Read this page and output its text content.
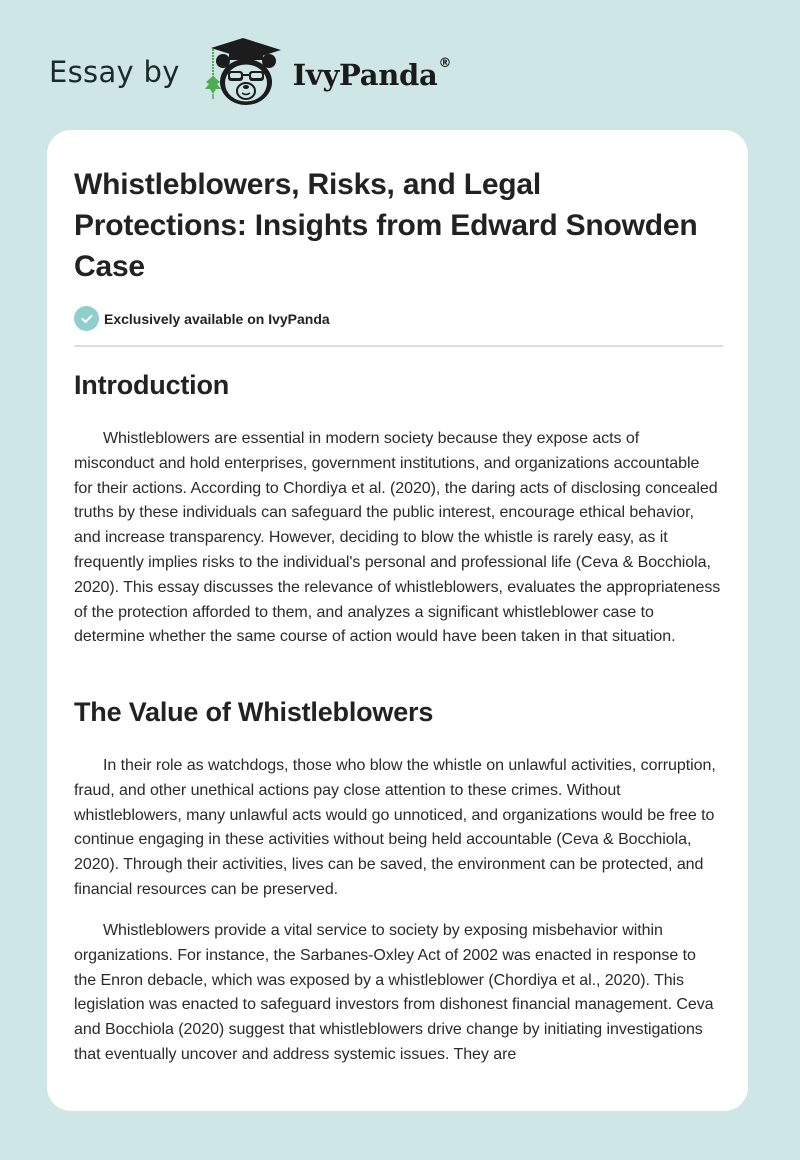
Essay by	IvyPanda®
Whistleblowers, Risks, and Legal Protections: Insights from Edward Snowden Case
Exclusively available on IvyPanda
Introduction

Whistleblowers are essential in modern society because they expose acts of misconduct and hold enterprises, government institutions, and organizations accountable for their actions. According to Chordiya et al. (2020), the daring acts of disclosing concealed truths by these individuals can safeguard the public interest, encourage ethical behavior, and increase transparency. However, deciding to blow the whistle is rarely easy, as it frequently implies risks to the individual's personal and professional life (Ceva & Bocchiola, 2020). This essay discusses the relevance of whistleblowers, evaluates the appropriateness of the protection afforded to them, and analyzes a significant whistleblower case to determine whether the same course of action would have been taken in that situation.

The Value of Whistleblowers

In their role as watchdogs, those who blow the whistle on unlawful activities, corruption, fraud, and other unethical actions pay close attention to these crimes. Without whistleblowers, many unlawful acts would go unnoticed, and organizations would be free to continue engaging in these activities without being held accountable (Ceva & Bocchiola, 2020). Through their activities, lives can be saved, the environment can be protected, and financial resources can be preserved.

Whistleblowers provide a vital service to society by exposing misbehavior within organizations. For instance, the Sarbanes-Oxley Act of 2002 was enacted in response to the Enron debacle, which was exposed by a whistleblower (Chordiya et al., 2020). This legislation was enacted to safeguard investors from dishonest financial management. Ceva and Bocchiola (2020) suggest that whistleblowers drive change by initiating investigations that eventually uncover and address systemic issues. They are
